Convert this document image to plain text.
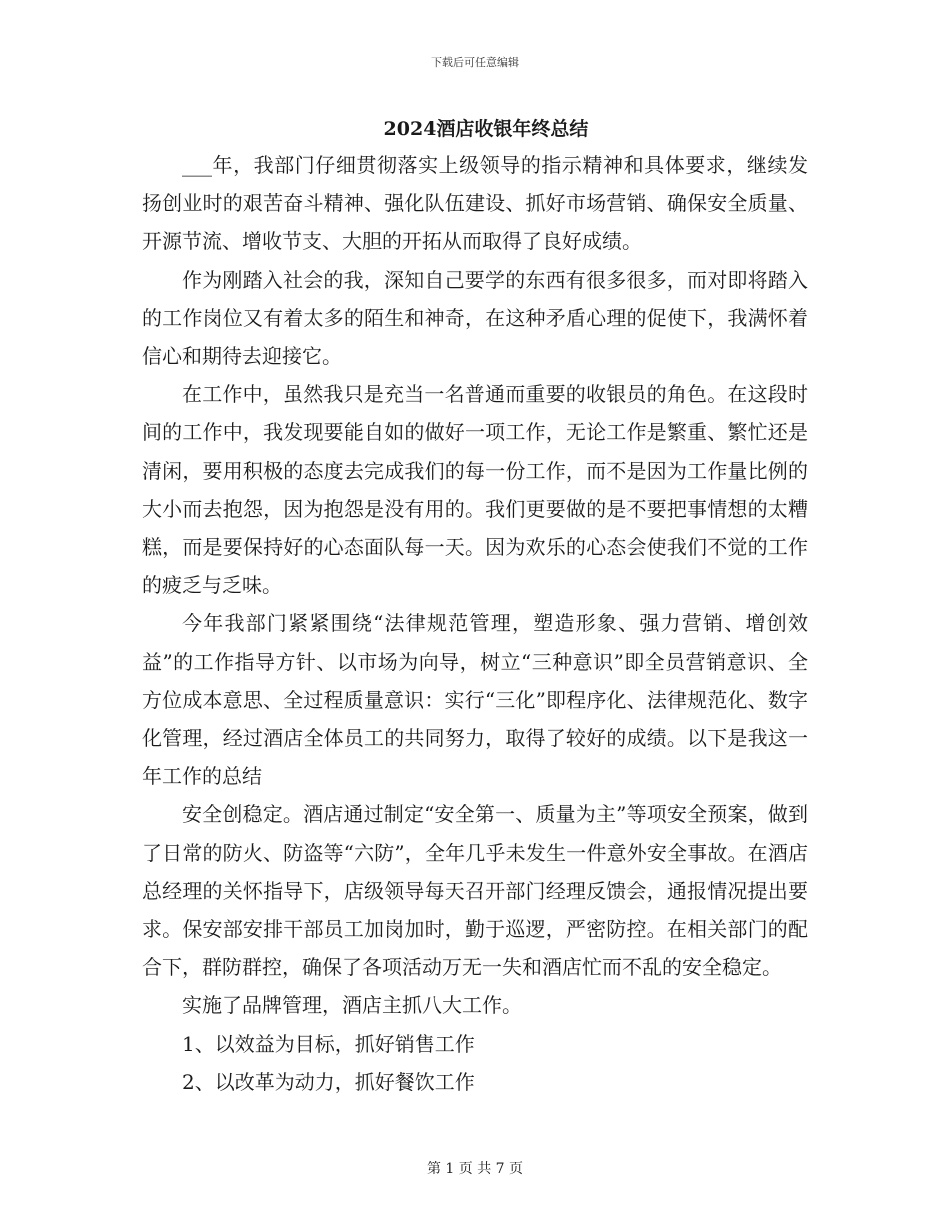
下载后可任意编辑
2024酒店收银年终总结

___年，我部门仔细贯彻落实上级领导的指示精神和具体要求，继续发扬创业时的艰苦奋斗精神、强化队伍建设、抓好市场营销、确保安全质量、开源节流、增收节支、大胆的开拓从而取得了良好成绩。

作为刚踏入社会的我，深知自己要学的东西有很多很多，而对即将踏入的工作岗位又有着太多的陌生和神奇，在这种矛盾心理的促使下，我满怀着信心和期待去迎接它。

在工作中，虽然我只是充当一名普通而重要的收银员的角色。在这段时间的工作中，我发现要能自如的做好一项工作，无论工作是繁重、繁忙还是清闲，要用积极的态度去完成我们的每一份工作，而不是因为工作量比例的大小而去抱怨，因为抱怨是没有用的。我们更要做的是不要把事情想的太糟糕，而是要保持好的心态面队每一天。因为欢乐的心态会使我们不觉的工作的疲乏与乏味。

今年我部门紧紧围绕“法律规范管理，塑造形象、强力营销、增创效益”的工作指导方针、以市场为向导，树立“三种意识”即全员营销意识、全方位成本意思、全过程质量意识：实行“三化”即程序化、法律规范化、数字化管理，经过酒店全体员工的共同努力，取得了较好的成绩。以下是我这一年工作的总结

安全创稳定。酒店通过制定“安全第一、质量为主”等项安全预案，做到了日常的防火、防盗等“六防”，全年几乎未发生一件意外安全事故。在酒店总经理的关怀指导下，店级领导每天召开部门经理反馈会，通报情况提出要求。保安部安排干部员工加岗加时，勤于巡逻，严密防控。在相关部门的配合下，群防群控，确保了各项活动万无一失和酒店忙而不乱的安全稳定。

实施了品牌管理，酒店主抓八大工作。

1、以效益为目标，抓好销售工作

2、以改革为动力，抓好餐饮工作

第 1 页 共 7 页
